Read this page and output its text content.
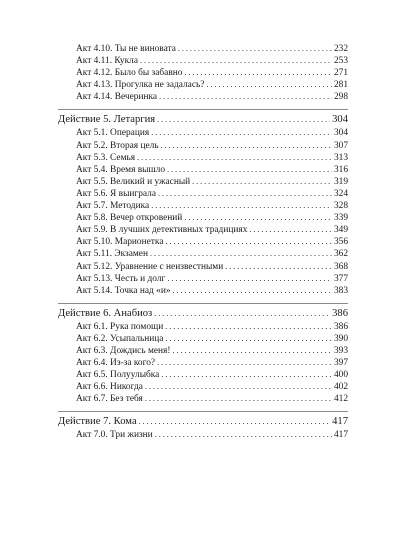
Акт 4.10. Ты не виновата . . .	232
Акт 4.11. Кукла . . .	253
Акт 4.12. Было бы забавно . . .	271
Акт 4.13. Прогулка не задалась? . . .	281
Акт 4.14. Вечеринка . . .	298
Действие 5. Летаргия . . .	304
Акт 5.1. Операция . . .	304
Акт 5.2. Вторая цель . . .	307
Акт 5.3. Семья . . .	313
Акт 5.4. Время вышло . . .	316
Акт 5.5. Великий и ужасный . . .	319
Акт 5.6. Я выиграла . . .	324
Акт 5.7. Методика . . .	328
Акт 5.8. Вечер откровений . . .	339
Акт 5.9. В лучших детективных традициях . . .	349
Акт 5.10. Марионетка . . .	356
Акт 5.11. Экзамен . . .	362
Акт 5.12. Уравнение с неизвестными . . .	368
Акт 5.13. Честь и долг . . .	377
Акт 5.14. Точка над «и» . . .	383
Действие 6. Анабиоз . . .	386
Акт 6.1. Рука помощи . . .	386
Акт 6.2. Усыпальница . . .	390
Акт 6.3. Дождись меня! . . .	393
Акт 6.4. Из-за кого? . . .	397
Акт 6.5. Полуулыбка . . .	400
Акт 6.6. Никогда . . .	402
Акт 6.7. Без тебя . . .	412
Действие 7. Кома . . .	417
Акт 7.0. Три жизни . . .	417
